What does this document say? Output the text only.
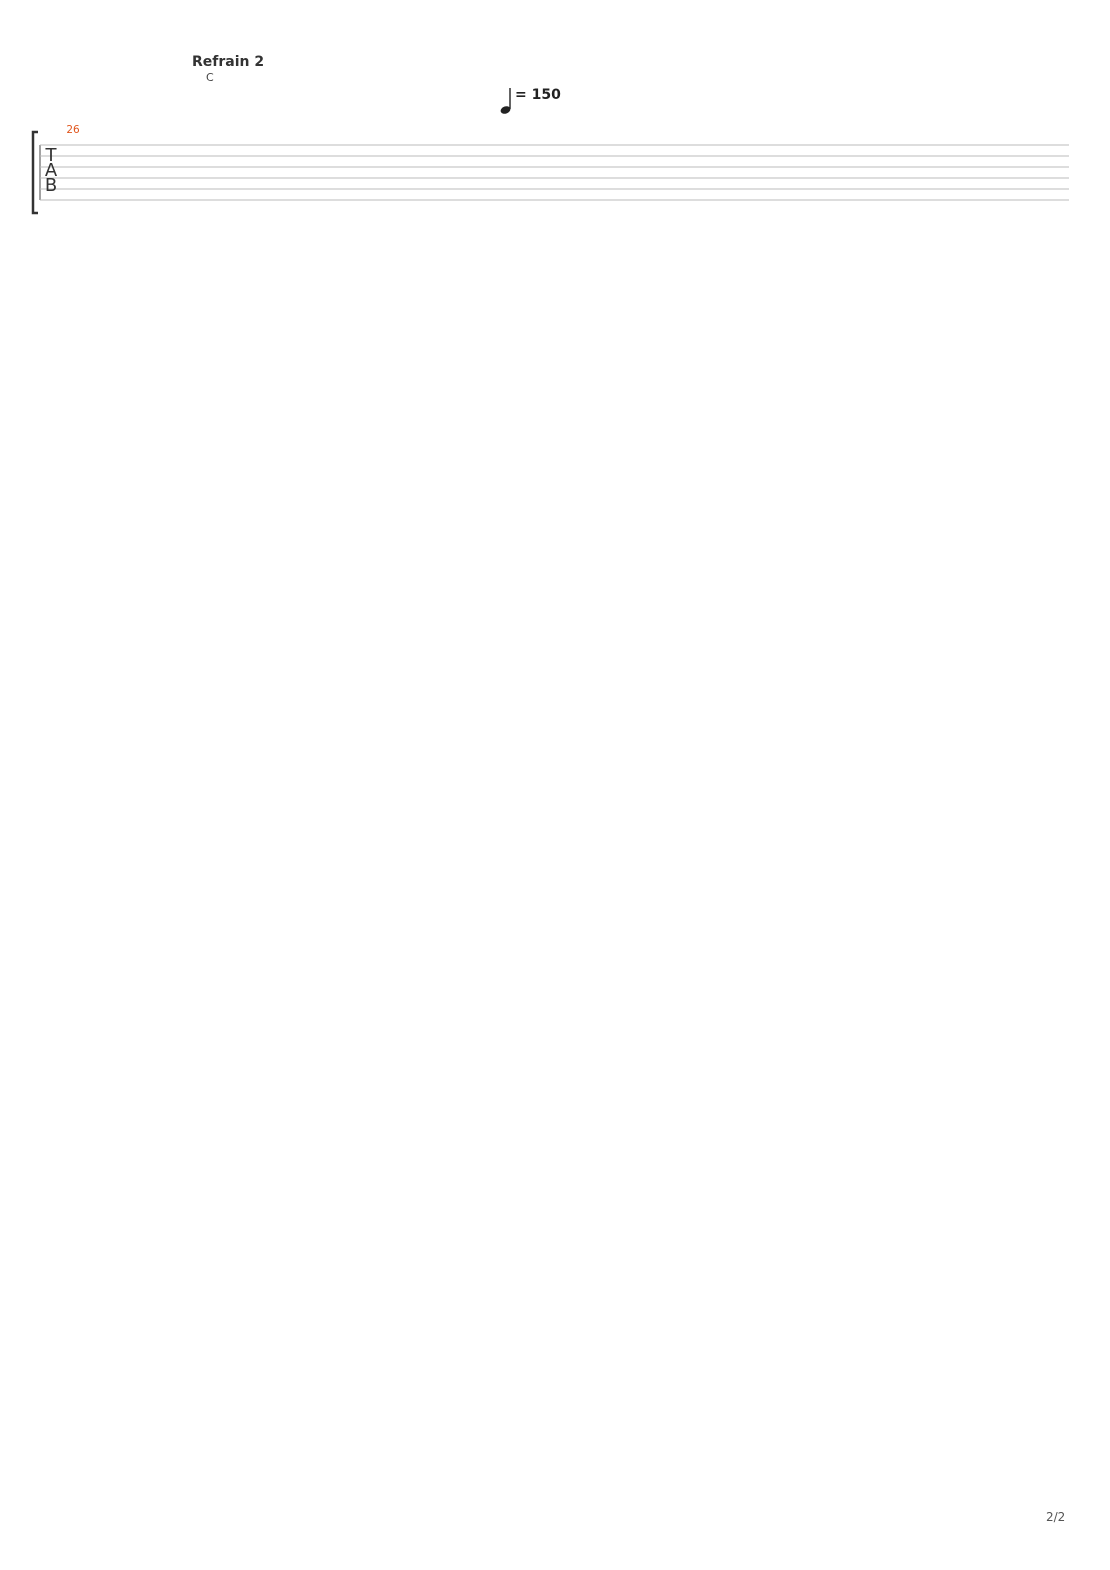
Refrain 2
C
= 150
T
A
B
26
2/2
